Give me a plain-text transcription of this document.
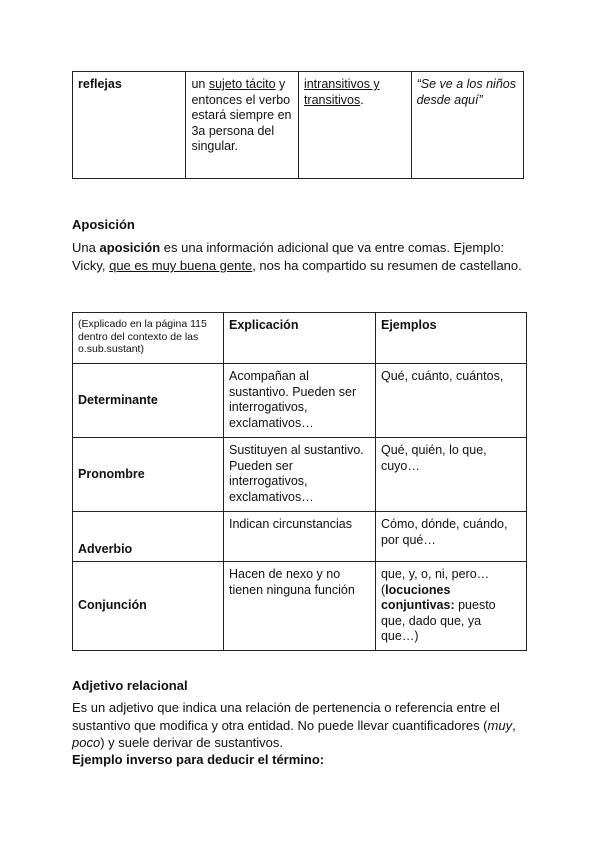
reflejas	un sujeto tácito y entonces el verbo estará siempre en 3a persona del singular.	intransitivos y transitivos.	“Se ve a los niños desde aquí”
Aposición
Una aposición es una información adicional que va entre comas. Ejemplo: Vicky, que es muy buena gente, nos ha compartido su resumen de castellano.
(Explicado en la página 115 dentro del contexto de las o.sub.sustant)	Explicación	Ejemplos
Determinante	Acompañan al sustantivo. Pueden ser interrogativos, exclamativos…	Qué, cuánto, cuántos,
Pronombre	Sustituyen al sustantivo. Pueden ser interrogativos, exclamativos…	Qué, quién, lo que, cuyo…
Adverbio	Indican circunstancias	Cómo, dónde, cuándo, por qué…
Conjunción	Hacen de nexo y no tienen ninguna función	que, y, o, ni, pero… (locuciones conjuntivas: puesto que, dado que, ya que…)
Adjetivo relacional
Es un adjetivo que indica una relación de pertenencia o referencia entre el sustantivo que modifica y otra entidad. No puede llevar cuantificadores (muy, poco) y suele derivar de sustantivos.
Ejemplo inverso para deducir el término:
